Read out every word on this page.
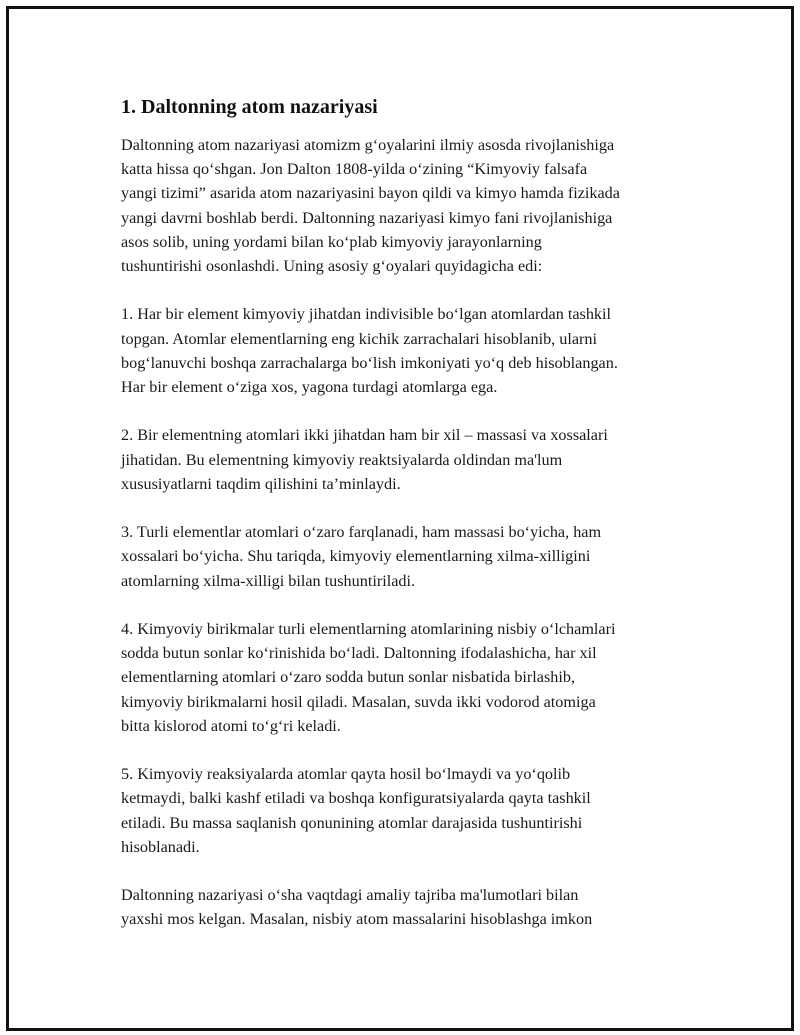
1. Daltonning atom nazariyasi

Daltonning atom nazariyasi atomizm g‘oyalarini ilmiy asosda rivojlanishiga
katta hissa qo‘shgan. Jon Dalton 1808-yilda o‘zining “Kimyoviy falsafa
yangi tizimi” asarida atom nazariyasini bayon qildi va kimyo hamda fizikada
yangi davrni boshlab berdi. Daltonning nazariyasi kimyo fani rivojlanishiga
asos solib, uning yordami bilan ko‘plab kimyoviy jarayonlarning
tushuntirishi osonlashdi. Uning asosiy g‘oyalari quyidagicha edi:

1. Har bir element kimyoviy jihatdan indivisible bo‘lgan atomlardan tashkil
topgan. Atomlar elementlarning eng kichik zarrachalari hisoblanib, ularni
bog‘lanuvchi boshqa zarrachalarga bo‘lish imkoniyati yo‘q deb hisoblangan.
Har bir element o‘ziga xos, yagona turdagi atomlarga ega.

2. Bir elementning atomlari ikki jihatdan ham bir xil – massasi va xossalari
jihatidan. Bu elementning kimyoviy reaktsiyalarda oldindan ma'lum
xususiyatlarni taqdim qilishini ta’minlaydi.

3. Turli elementlar atomlari o‘zaro farqlanadi, ham massasi bo‘yicha, ham
xossalari bo‘yicha. Shu tariqda, kimyoviy elementlarning xilma-xilligini
atomlarning xilma-xilligi bilan tushuntiriladi.

4. Kimyoviy birikmalar turli elementlarning atomlarining nisbiy o‘lchamlari
sodda butun sonlar ko‘rinishida bo‘ladi. Daltonning ifodalashicha, har xil
elementlarning atomlari o‘zaro sodda butun sonlar nisbatida birlashib,
kimyoviy birikmalarni hosil qiladi. Masalan, suvda ikki vodorod atomiga
bitta kislorod atomi to‘g‘ri keladi.

5. Kimyoviy reaksiyalarda atomlar qayta hosil bo‘lmaydi va yo‘qolib
ketmaydi, balki kashf etiladi va boshqa konfiguratsiyalarda qayta tashkil
etiladi. Bu massa saqlanish qonunining atomlar darajasida tushuntirishi
hisoblanadi.

Daltonning nazariyasi o‘sha vaqtdagi amaliy tajriba ma'lumotlari bilan
yaxshi mos kelgan. Masalan, nisbiy atom massalarini hisoblashga imkon
